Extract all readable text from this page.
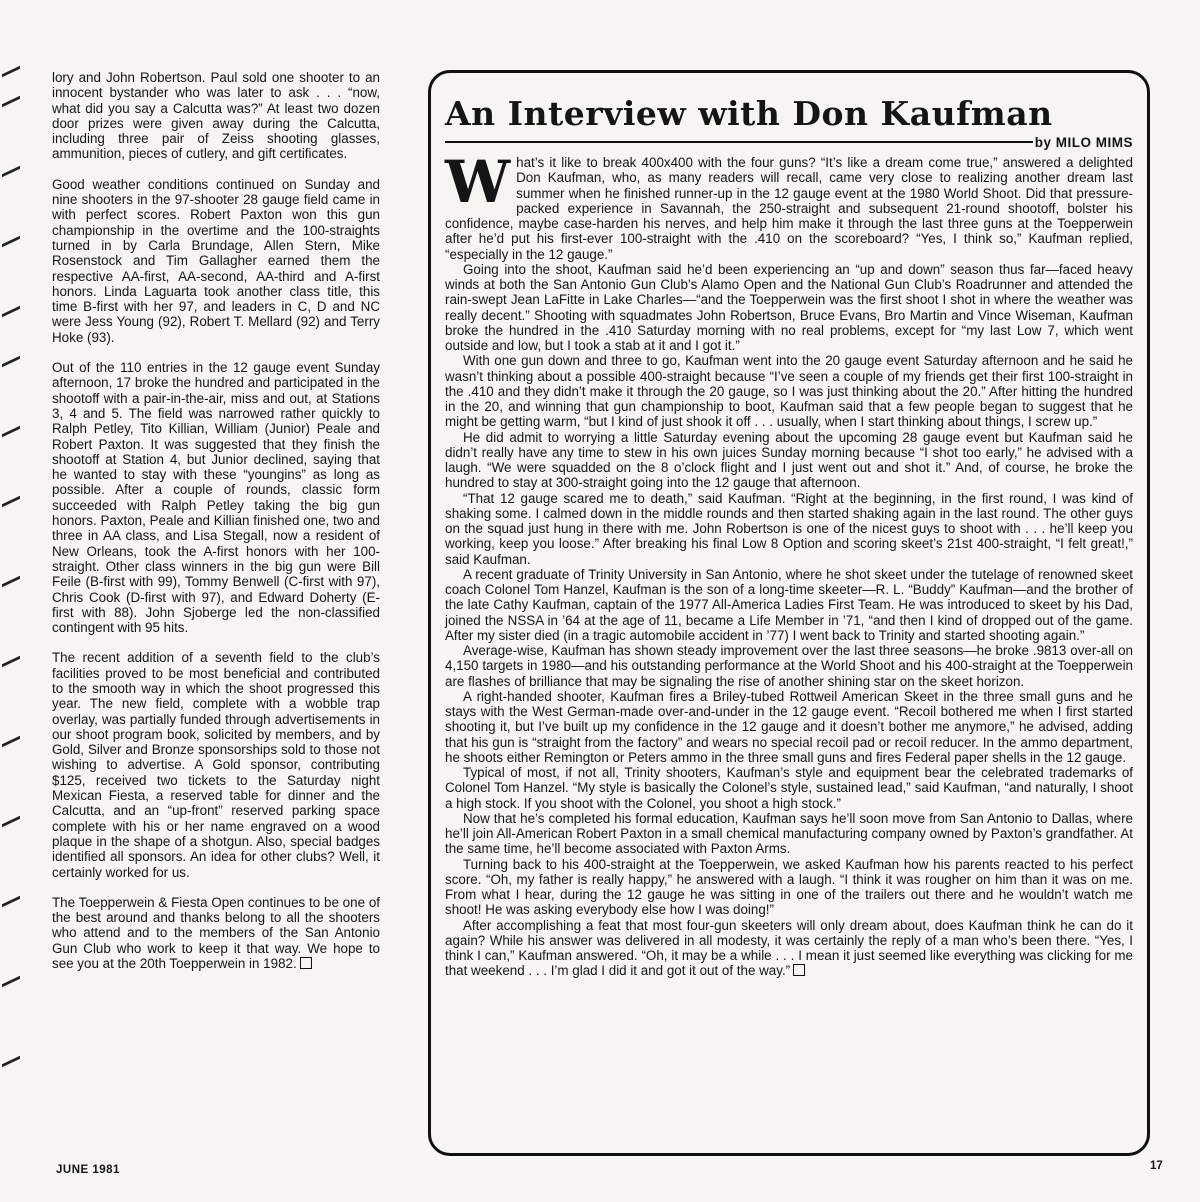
lory and John Robertson. Paul sold one shooter to an innocent bystander who was later to ask . . . “now, what did you say a Calcutta was?” At least two dozen door prizes were given away during the Calcutta, including three pair of Zeiss shooting glasses, ammunition, pieces of cutlery, and gift certificates.

Good weather conditions continued on Sunday and nine shooters in the 97-shooter 28 gauge field came in with perfect scores. Robert Paxton won this gun championship in the overtime and the 100-straights turned in by Carla Brundage, Allen Stern, Mike Rosenstock and Tim Gallagher earned them the respective AA-first, AA-second, AA-third and A-first honors. Linda Laguarta took another class title, this time B-first with her 97, and leaders in C, D and NC were Jess Young (92), Robert T. Mellard (92) and Terry Hoke (93).

Out of the 110 entries in the 12 gauge event Sunday afternoon, 17 broke the hundred and participated in the shootoff with a pair-in-the-air, miss and out, at Stations 3, 4 and 5. The field was narrowed rather quickly to Ralph Petley, Tito Killian, William (Junior) Peale and Robert Paxton. It was suggested that they finish the shootoff at Station 4, but Junior declined, saying that he wanted to stay with these “youngins” as long as possible. After a couple of rounds, classic form succeeded with Ralph Petley taking the big gun honors. Paxton, Peale and Killian finished one, two and three in AA class, and Lisa Stegall, now a resident of New Orleans, took the A-first honors with her 100-straight. Other class winners in the big gun were Bill Feile (B-first with 99), Tommy Benwell (C-first with 97), Chris Cook (D-first with 97), and Edward Doherty (E-first with 88). John Sjoberge led the non-classified contingent with 95 hits.

The recent addition of a seventh field to the club’s facilities proved to be most beneficial and contributed to the smooth way in which the shoot progressed this year. The new field, complete with a wobble trap overlay, was partially funded through advertisements in our shoot program book, solicited by members, and by Gold, Silver and Bronze sponsorships sold to those not wishing to advertise. A Gold sponsor, contributing $125, received two tickets to the Saturday night Mexican Fiesta, a reserved table for dinner and the Calcutta, and an “up-front” reserved parking space complete with his or her name engraved on a wood plaque in the shape of a shotgun. Also, special badges identified all sponsors. An idea for other clubs? Well, it certainly worked for us.

The Toepperwein & Fiesta Open continues to be one of the best around and thanks belong to all the shooters who attend and to the members of the San Antonio Gun Club who work to keep it that way. We hope to see you at the 20th Toepperwein in 1982.

An Interview with Don Kaufman
by MILO MIMS

What’s it like to break 400x400 with the four guns? “It’s like a dream come true,” answered a delighted Don Kaufman, who, as many readers will recall, came very close to realizing another dream last summer when he finished runner-up in the 12 gauge event at the 1980 World Shoot. Did that pressure-packed experience in Savannah, the 250-straight and subsequent 21-round shootoff, bolster his confidence, maybe case-harden his nerves, and help him make it through the last three guns at the Toepperwein after he’d put his first-ever 100-straight with the .410 on the scoreboard? “Yes, I think so,” Kaufman replied, “especially in the 12 gauge.”

Going into the shoot, Kaufman said he’d been experiencing an “up and down” season thus far—faced heavy winds at both the San Antonio Gun Club’s Alamo Open and the National Gun Club’s Roadrunner and attended the rain-swept Jean LaFitte in Lake Charles—“and the Toepperwein was the first shoot I shot in where the weather was really decent.” Shooting with squadmates John Robertson, Bruce Evans, Bro Martin and Vince Wiseman, Kaufman broke the hundred in the .410 Saturday morning with no real problems, except for “my last Low 7, which went outside and low, but I took a stab at it and I got it.”

With one gun down and three to go, Kaufman went into the 20 gauge event Saturday afternoon and he said he wasn’t thinking about a possible 400-straight because “I’ve seen a couple of my friends get their first 100-straight in the .410 and they didn’t make it through the 20 gauge, so I was just thinking about the 20.” After hitting the hundred in the 20, and winning that gun championship to boot, Kaufman said that a few people began to suggest that he might be getting warm, “but I kind of just shook it off . . . usually, when I start thinking about things, I screw up.”

He did admit to worrying a little Saturday evening about the upcoming 28 gauge event but Kaufman said he didn’t really have any time to stew in his own juices Sunday morning because “I shot too early,” he advised with a laugh. “We were squadded on the 8 o’clock flight and I just went out and shot it.” And, of course, he broke the hundred to stay at 300-straight going into the 12 gauge that afternoon.

“That 12 gauge scared me to death,” said Kaufman. “Right at the beginning, in the first round, I was kind of shaking some. I calmed down in the middle rounds and then started shaking again in the last round. The other guys on the squad just hung in there with me. John Robertson is one of the nicest guys to shoot with . . . he’ll keep you working, keep you loose.” After breaking his final Low 8 Option and scoring skeet’s 21st 400-straight, “I felt great!,” said Kaufman.

A recent graduate of Trinity University in San Antonio, where he shot skeet under the tutelage of renowned skeet coach Colonel Tom Hanzel, Kaufman is the son of a long-time skeeter—R. L. “Buddy” Kaufman—and the brother of the late Cathy Kaufman, captain of the 1977 All-America Ladies First Team. He was introduced to skeet by his Dad, joined the NSSA in ’64 at the age of 11, became a Life Member in ’71, “and then I kind of dropped out of the game. After my sister died (in a tragic automobile accident in ’77) I went back to Trinity and started shooting again.”

Average-wise, Kaufman has shown steady improvement over the last three seasons—he broke .9813 over-all on 4,150 targets in 1980—and his outstanding performance at the World Shoot and his 400-straight at the Toepperwein are flashes of brilliance that may be signaling the rise of another shining star on the skeet horizon.

A right-handed shooter, Kaufman fires a Briley-tubed Rottweil American Skeet in the three small guns and he stays with the West German-made over-and-under in the 12 gauge event. “Recoil bothered me when I first started shooting it, but I’ve built up my confidence in the 12 gauge and it doesn’t bother me anymore,” he advised, adding that his gun is “straight from the factory” and wears no special recoil pad or recoil reducer. In the ammo department, he shoots either Remington or Peters ammo in the three small guns and fires Federal paper shells in the 12 gauge.

Typical of most, if not all, Trinity shooters, Kaufman’s style and equipment bear the celebrated trademarks of Colonel Tom Hanzel. “My style is basically the Colonel’s style, sustained lead,” said Kaufman, “and naturally, I shoot a high stock. If you shoot with the Colonel, you shoot a high stock.”

Now that he’s completed his formal education, Kaufman says he’ll soon move from San Antonio to Dallas, where he’ll join All-American Robert Paxton in a small chemical manufacturing company owned by Paxton’s grandfather. At the same time, he’ll become associated with Paxton Arms.

Turning back to his 400-straight at the Toepperwein, we asked Kaufman how his parents reacted to his perfect score. “Oh, my father is really happy,” he answered with a laugh. “I think it was rougher on him than it was on me. From what I hear, during the 12 gauge he was sitting in one of the trailers out there and he wouldn’t watch me shoot! He was asking everybody else how I was doing!”

After accomplishing a feat that most four-gun skeeters will only dream about, does Kaufman think he can do it again? While his answer was delivered in all modesty, it was certainly the reply of a man who’s been there. “Yes, I think I can,” Kaufman answered. “Oh, it may be a while . . . I mean it just seemed like everything was clicking for me that weekend . . . I’m glad I did it and got it out of the way.”

JUNE 1981	17
